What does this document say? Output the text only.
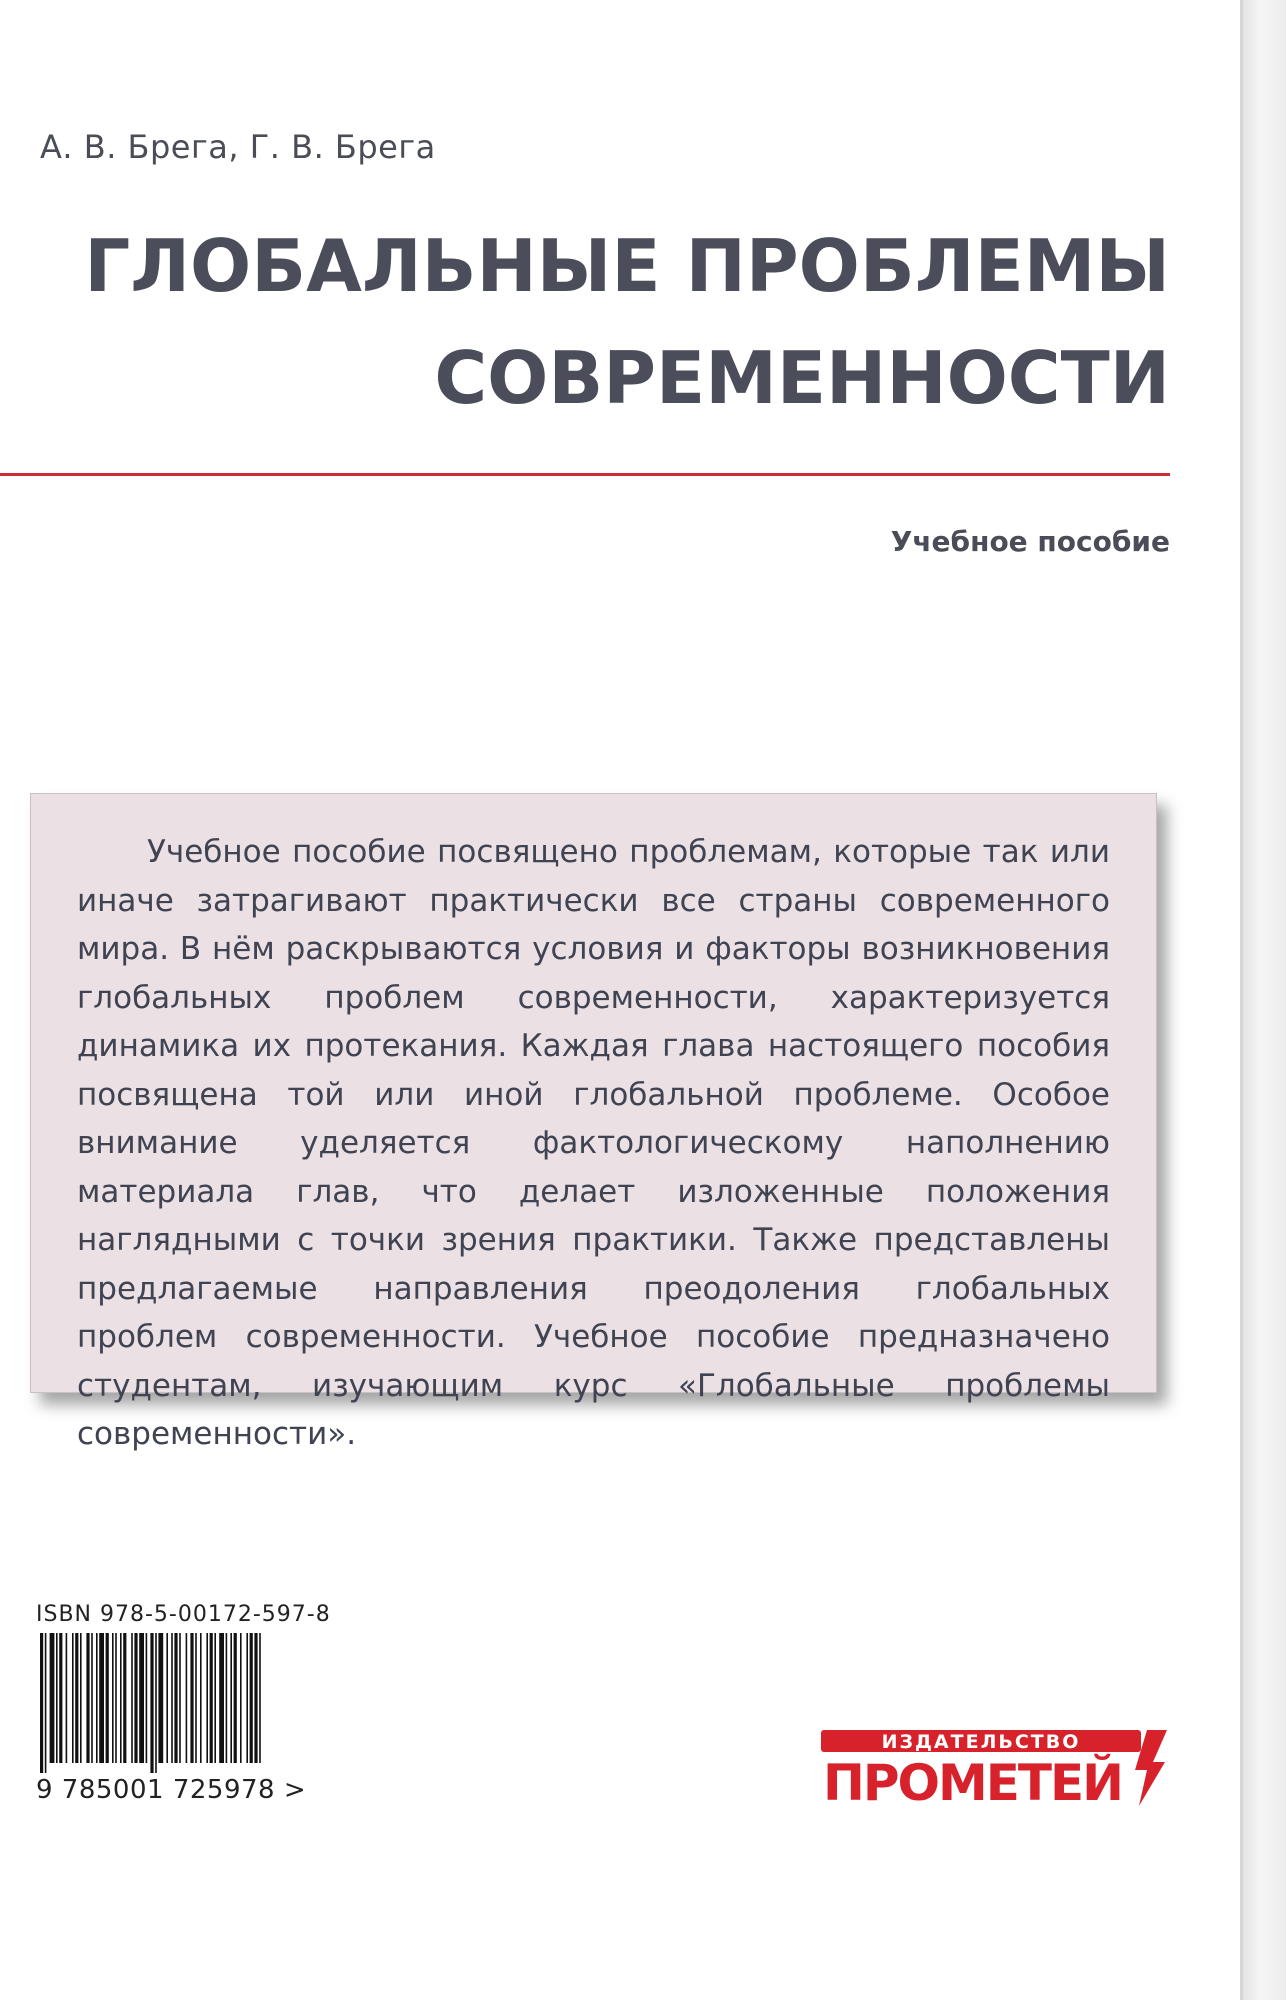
А. В. Брега, Г. В. Брега
ГЛОБАЛЬНЫЕ ПРОБЛЕМЫ
СОВРЕМЕННОСТИ
Учебное пособие

Учебное пособие посвящено проблемам, которые так или иначе затрагивают практически все страны современного мира. В нём раскрываются условия и факторы возникновения глобальных проблем современности, характеризуется динамика их протекания. Каждая глава настоящего пособия посвящена той или иной глобальной проблеме. Особое внимание уделяется фактологическому наполнению материала глав, что делает изложенные положения наглядными с точки зрения практики. Также представлены предлагаемые направления преодоления глобальных проблем современности. Учебное пособие предназначено студентам, изучающим курс «Глобальные проблемы современности».

ISBN 978-5-00172-597-8
9 785001 725978 >
ИЗДАТЕЛЬСТВО
ПРОМЕТЕЙ
